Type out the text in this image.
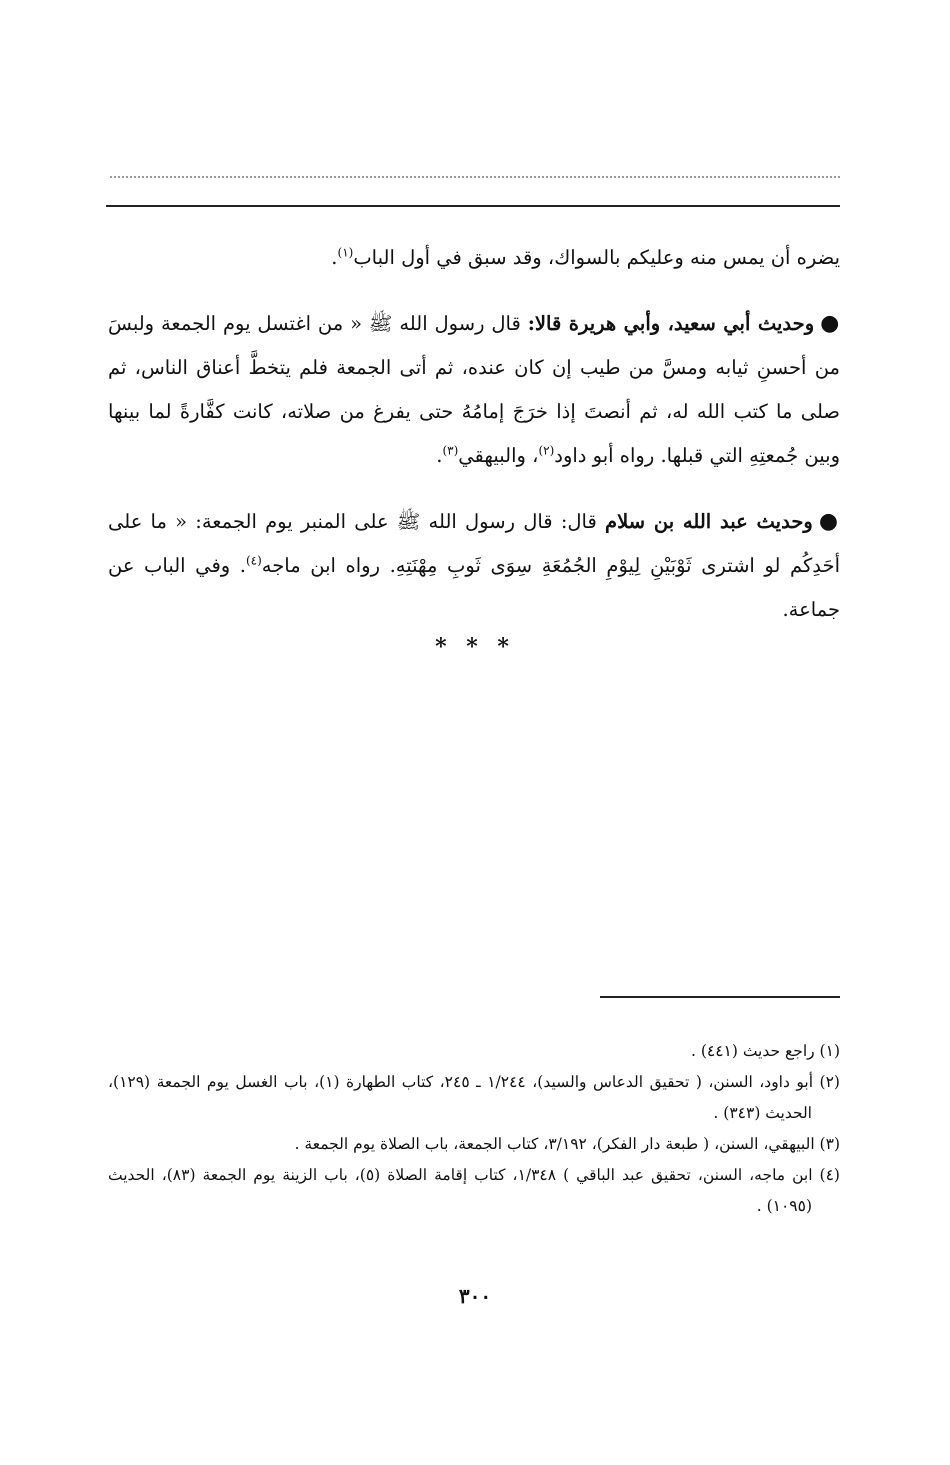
يضره أن يمس منه وعليكم بالسواك، وقد سبق في أول الباب$^{(١)}$.

●وحديث أبي سعيد، وأبي هريرة قالا: قال رسول الله ﷺ « من اغتسل يوم الجمعة ولبسَ من أحسنِ ثيابه ومسَّ من طيب إن كان عنده، ثم أتى الجمعة فلم يتخطَّ أعناق الناس، ثم صلى ما كتب الله له، ثم أنصتَ إذا خرَجَ إمامُهُ حتى يفرغ من صلاته، كانت كفَّارةً لما بينها وبين جُمعتِهِ التي قبلها. رواه أبو داود$^{(٢)}$، والبيهقي$^{(٣)}$.

●وحديث عبد الله بن سلام قال: قال رسول الله ﷺ على المنبر يوم الجمعة: « ما على أحَدِكُم لو اشترى ثَوْبَيْنِ لِيوْمِ الجُمُعَةِ سِوَى ثَوبِ مِهْنَتِهِ. رواه ابن ماجه$^{(٤)}$. وفي الباب عن جماعة.

* * *

(١) راجع حديث (٤٤١) .

(٢) أبو داود، السنن، ( تحقيق الدعاس والسيد)، ١/٢٤٤ ـ ٢٤٥، كتاب الطهارة (١)، باب الغسل يوم الجمعة (١٢٩)، الحديث (٣٤٣) .

(٣) البيهقي، السنن، ( طبعة دار الفكر)، ٣/١٩٢، كتاب الجمعة، باب الصلاة يوم الجمعة .

(٤) ابن ماجه، السنن، تحقيق عبد الباقي ) ١/٣٤٨، كتاب إقامة الصلاة (٥)، باب الزينة يوم الجمعة (٨٣)، الحديث (١٠٩٥) .

٣٠٠
